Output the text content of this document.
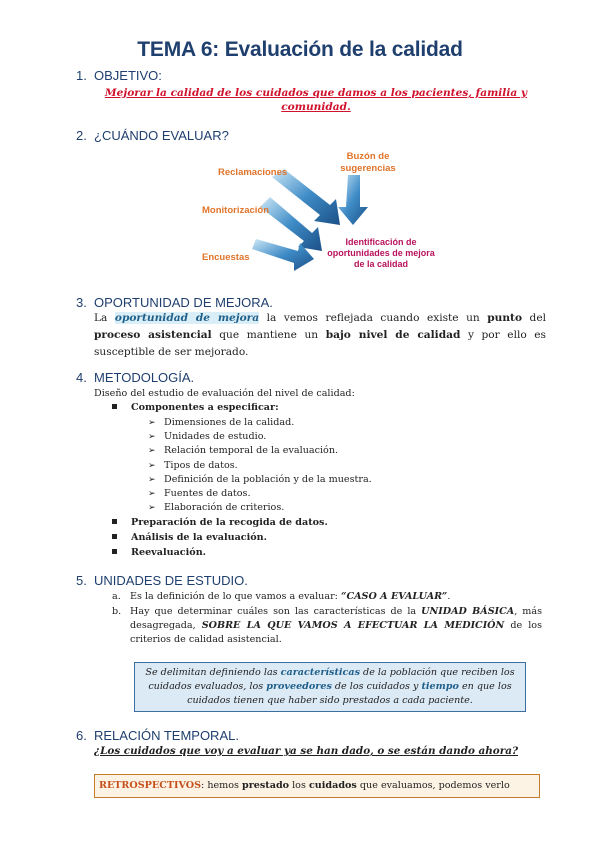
TEMA 6: Evaluación de la calidad
1. OBJETIVO:
Mejorar la calidad de los cuidados que damos a los pacientes, familia y
comunidad.
2. ¿CUÁNDO EVALUAR?
Buzón de
sugerencias
Reclamaciones
Monitorización
Encuestas
Identificación de
oportunidades de mejora
de la calidad
3. OPORTUNIDAD DE MEJORA.
La oportunidad de mejora la vemos reflejada cuando existe un punto del proceso asistencial que mantiene un bajo nivel de calidad y por ello es susceptible de ser mejorado.
4. METODOLOGÍA.
Diseño del estudio de evaluación del nivel de calidad:
Componentes a especificar:
➢ Dimensiones de la calidad.
➢ Unidades de estudio.
➢ Relación temporal de la evaluación.
➢ Tipos de datos.
➢ Definición de la población y de la muestra.
➢ Fuentes de datos.
➢ Elaboración de criterios.
Preparación de la recogida de datos.
Análisis de la evaluación.
Reevaluación.
5. UNIDADES DE ESTUDIO.
a. Es la definición de lo que vamos a evaluar: “CASO A EVALUAR”.
b. Hay que determinar cuáles son las características de la UNIDAD BÁSICA, más desagregada, SOBRE LA QUE VAMOS A EFECTUAR LA MEDICIÓN de los criterios de calidad asistencial.
Se delimitan definiendo las características de la población que reciben los cuidados evaluados, los proveedores de los cuidados y tiempo en que los cuidados tienen que haber sido prestados a cada paciente.
6. RELACIÓN TEMPORAL.
¿Los cuidados que voy a evaluar ya se han dado, o se están dando ahora?
RETROSPECTIVOS: hemos prestado los cuidados que evaluamos, podemos verlo
